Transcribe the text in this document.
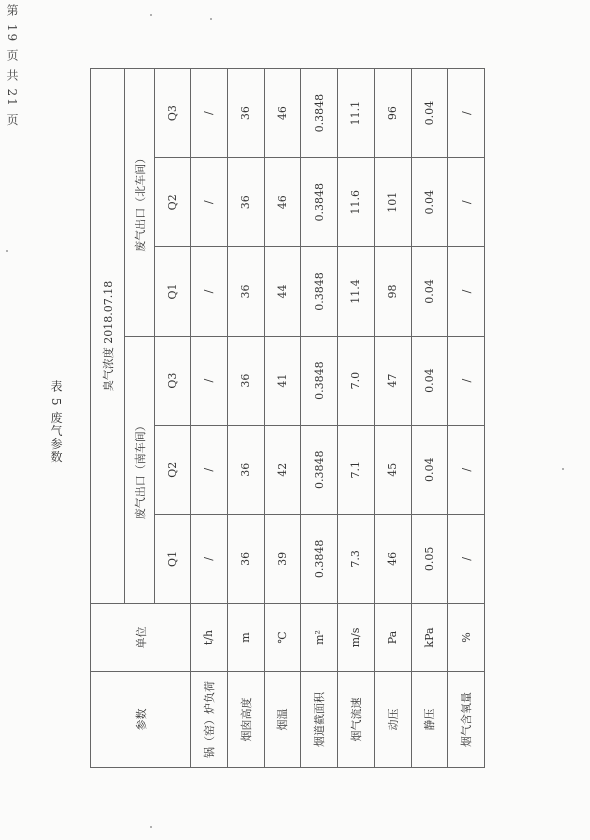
第 19 页 共 21 页
表 5 废气参数
参数	单位	臭气浓度 2018.07.18					
		废气出口（南车间）			废气出口（北车间）		
		Q1	Q2	Q3	Q1	Q2	Q3
锅（窑）炉负荷	t/h	/	/	/	/	/	/
烟囱高度	m	36	36	36	36	36	36
烟温	℃	39	42	41	44	46	46
烟道截面积	m²	0.3848	0.3848	0.3848	0.3848	0.3848	0.3848
烟气流速	m/s	7.3	7.1	7.0	11.4	11.6	11.1
动压	Pa	46	45	47	98	101	96
静压	kPa	0.05	0.04	0.04	0.04	0.04	0.04
烟气含氧量	%	/	/	/	/	/	/
